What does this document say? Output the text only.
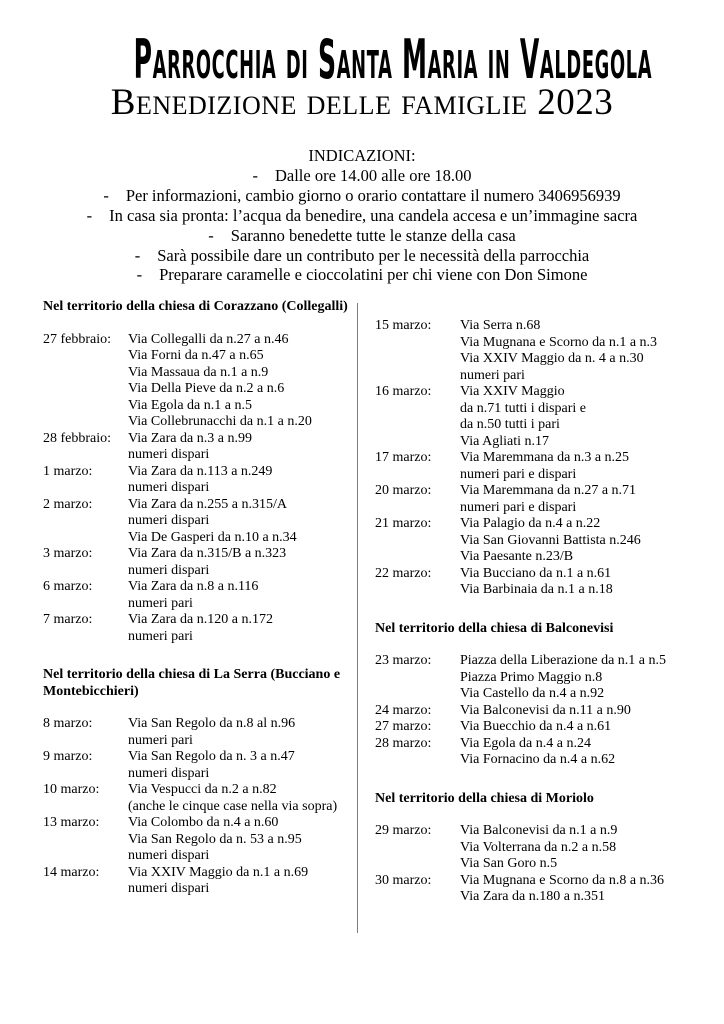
Parrocchia di Santa Maria in Valdegola
Benedizione delle famiglie 2023
INDICAZIONI:
- Dalle ore 14.00 alle ore 18.00
- Per informazioni, cambio giorno o orario contattare il numero 3406956939
- In casa sia pronta: l’acqua da benedire, una candela accesa e un’immagine sacra
- Saranno benedette tutte le stanze della casa
- Sarà possibile dare un contributo per le necessità della parrocchia
- Preparare caramelle e cioccolatini per chi viene con Don Simone
Nel territorio della chiesa di Corazzano (Collegalli)
27 febbraio:	Via Collegalli da n.27 a n.46
Via Forni da n.47 a n.65
Via Massaua da n.1 a n.9
Via Della Pieve da n.2 a n.6
Via Egola da n.1 a n.5
Via Collebrunacchi da n.1 a n.20
28 febbraio:	Via Zara da n.3 a n.99
numeri dispari
1 marzo:	Via Zara da n.113 a n.249
numeri dispari
2 marzo:	Via Zara da n.255 a n.315/A
numeri dispari
Via De Gasperi da n.10 a n.34
3 marzo:	Via Zara da n.315/B a n.323
numeri dispari
6 marzo:	Via Zara da n.8 a n.116
numeri pari
7 marzo:	Via Zara da n.120 a n.172
numeri pari
Nel territorio della chiesa di La Serra (Bucciano e Montebicchieri)
8 marzo:	Via San Regolo da n.8 al n.96
numeri pari
9 marzo:	Via San Regolo da n. 3 a n.47
numeri dispari
10 marzo:	Via Vespucci da n.2 a n.82
(anche le cinque case nella via sopra)
13 marzo:	Via Colombo da n.4 a n.60
Via San Regolo da n. 53 a n.95
numeri dispari
14 marzo:	Via XXIV Maggio da n.1 a n.69
numeri dispari
15 marzo:	Via Serra n.68
Via Mugnana e Scorno da n.1 a n.3
Via XXIV Maggio da n. 4 a n.30
numeri pari
16 marzo:	Via XXIV Maggio
da n.71 tutti i dispari e
da n.50 tutti i pari
Via Agliati n.17
17 marzo:	Via Maremmana da n.3 a n.25
numeri pari e dispari
20 marzo:	Via Maremmana da n.27 a n.71
numeri pari e dispari
21 marzo:	Via Palagio da n.4 a n.22
Via San Giovanni Battista n.246
Via Paesante n.23/B
22 marzo:	Via Bucciano da n.1 a n.61
Via Barbinaia da n.1 a n.18
Nel territorio della chiesa di Balconevisi
23 marzo:	Piazza della Liberazione da n.1 a n.5
Piazza Primo Maggio n.8
Via Castello da n.4 a n.92
24 marzo:	Via Balconevisi da n.11 a n.90
27 marzo:	Via Buecchio da n.4 a n.61
28 marzo:	Via Egola da n.4 a n.24
Via Fornacino da n.4 a n.62
Nel territorio della chiesa di Moriolo
29 marzo:	Via Balconevisi da n.1 a n.9
Via Volterrana da n.2 a n.58
Via San Goro n.5
30 marzo:	Via Mugnana e Scorno da n.8 a n.36
Via Zara da n.180 a n.351
